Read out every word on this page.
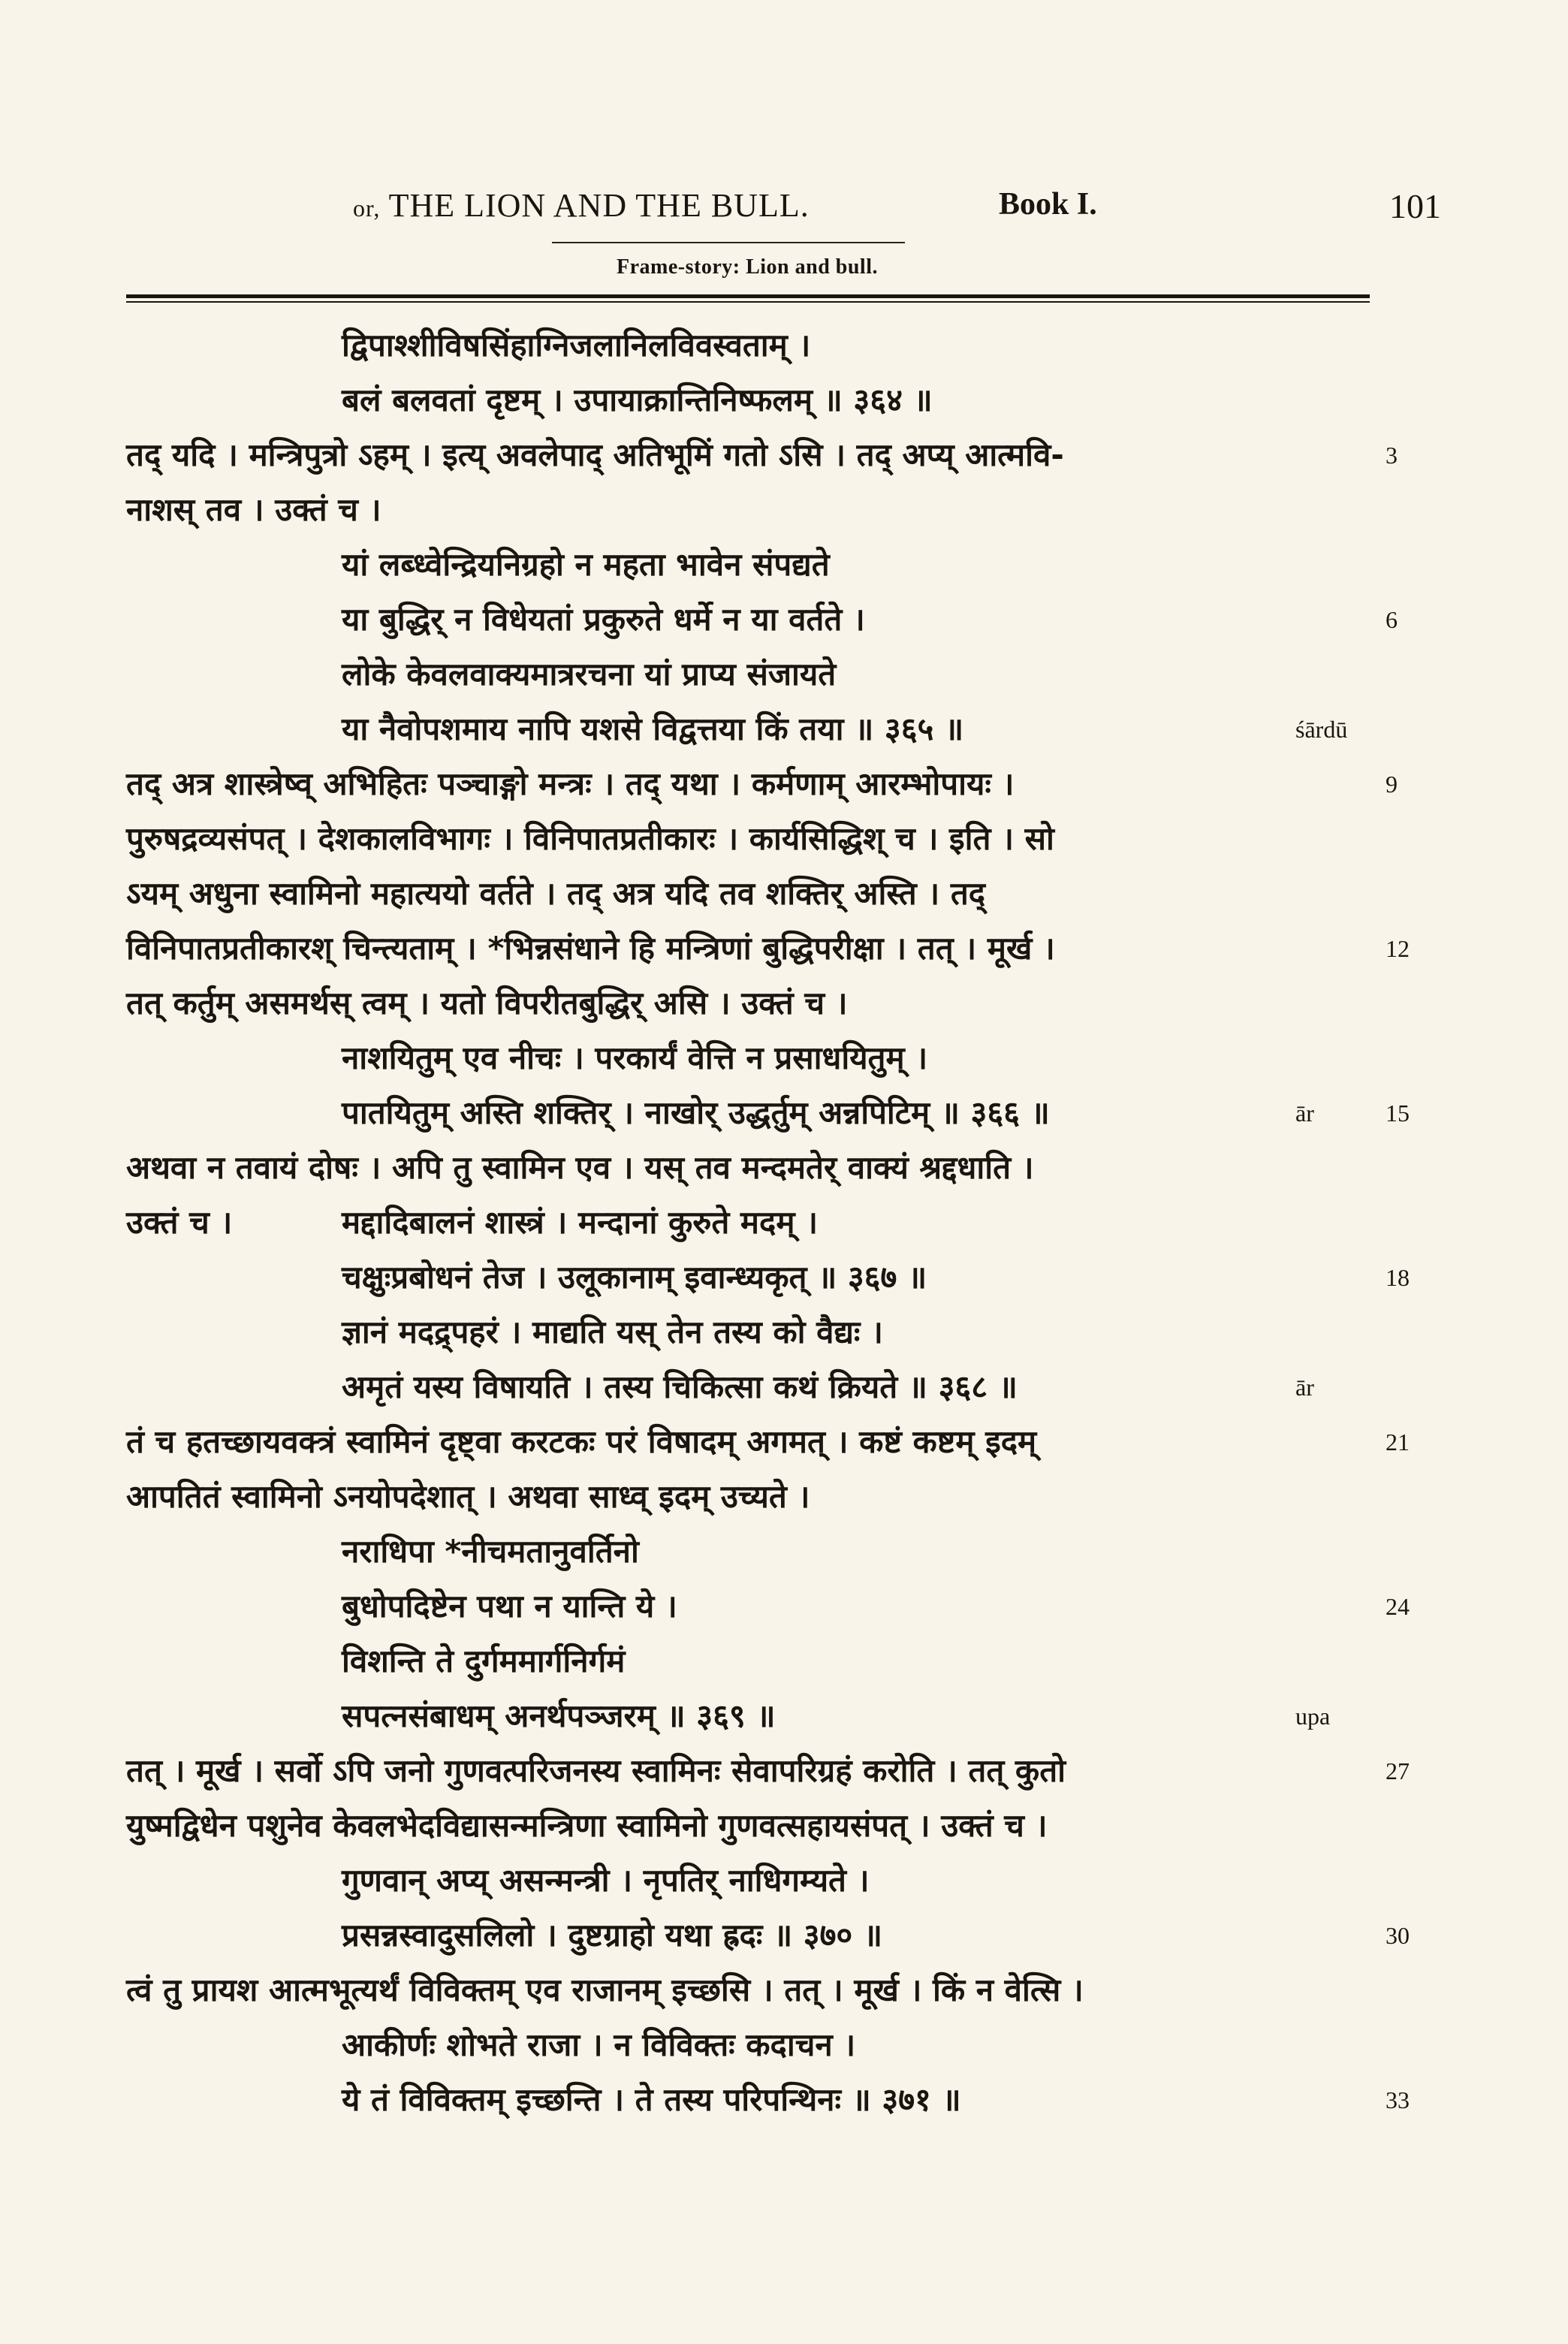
or, THE LION AND THE BULL.	Book I.	101
Frame-story: Lion and bull.
द्विपाश्शीविषसिंहाग्निजलानिलविवस्वताम् ।
बलं बलवतां दृष्टम् । उपायाक्रान्तिनिष्फलम् ॥ ३६४ ॥
तद् यदि । मन्त्रिपुत्रो ऽहम् । इत्य् अवलेपाद् अतिभूमिं गतो ऽसि । तद् अप्य् आत्मवि-	3
नाशस् तव । उक्तं च ।
यां लब्ध्वेन्द्रियनिग्रहो न महता भावेन संपद्यते
या बुद्धिर् न विधेयतां प्रकुरुते धर्मे न या वर्तते ।	6
लोके केवलवाक्यमात्ररचना यां प्राप्य संजायते
या नैवोपशमाय नापि यशसे विद्वत्तया किं तया ॥ ३६५ ॥	śārdū
तद् अत्र शास्त्रेष्व् अभिहितः पञ्चाङ्गो मन्त्रः । तद् यथा । कर्मणाम् आरम्भोपायः ।	9
पुरुषद्रव्यसंपत् । देशकालविभागः । विनिपातप्रतीकारः । कार्यसिद्धिश् च । इति । सो
ऽयम् अधुना स्वामिनो महात्ययो वर्तते । तद् अत्र यदि तव शक्तिर् अस्ति । तद्
विनिपातप्रतीकारश् चिन्त्यताम् । *भिन्नसंधाने हि मन्त्रिणां बुद्धिपरीक्षा । तत् । मूर्ख ।	12
तत् कर्तुम् असमर्थस् त्वम् । यतो विपरीतबुद्धिर् असि । उक्तं च ।
नाशयितुम् एव नीचः । परकार्यं वेत्ति न प्रसाधयितुम् ।
पातयितुम् अस्ति शक्तिर् । नाखोर् उद्धर्तुम् अन्नपिटिम् ॥ ३६६ ॥	ār	15
अथवा न तवायं दोषः । अपि तु स्वामिन एव । यस् तव मन्दमतेर् वाक्यं श्रद्दधाति ।
उक्तं च ।	मद्दादिबालनं शास्त्रं । मन्दानां कुरुते मदम् ।
चक्षुःप्रबोधनं तेज । उलूकानाम् इवान्ध्यकृत् ॥ ३६७ ॥	18
ज्ञानं मदद्र्पहरं । माद्यति यस् तेन तस्य को वैद्यः ।
अमृतं यस्य विषायति । तस्य चिकित्सा कथं क्रियते ॥ ३६८ ॥	ār
तं च हतच्छायवक्त्रं स्वामिनं दृष्ट्वा करटकः परं विषादम् अगमत् । कष्टं कष्टम् इदम्	21
आपतितं स्वामिनो ऽनयोपदेशात् । अथवा साध्व् इदम् उच्यते ।
नराधिपा *नीचमतानुवर्तिनो
बुधोपदिष्टेन पथा न यान्ति ये ।	24
विशन्ति ते दुर्गममार्गनिर्गमं
सपत्नसंबाधम् अनर्थपञ्जरम् ॥ ३६९ ॥	upa
तत् । मूर्ख । सर्वो ऽपि जनो गुणवत्परिजनस्य स्वामिनः सेवापरिग्रहं करोति । तत् कुतो	27
युष्मद्विधेन पशुनेव केवलभेदविद्यासन्मन्त्रिणा स्वामिनो गुणवत्सहायसंपत् । उक्तं च ।
गुणवान् अप्य् असन्मन्त्री । नृपतिर् नाधिगम्यते ।
प्रसन्नस्वादुसलिलो । दुष्टग्राहो यथा ह्रदः ॥ ३७० ॥	30
त्वं तु प्रायश आत्मभूत्यर्थं विविक्तम् एव राजानम् इच्छसि । तत् । मूर्ख । किं न वेत्सि ।
आकीर्णः शोभते राजा । न विविक्तः कदाचन ।
ये तं विविक्तम् इच्छन्ति । ते तस्य परिपन्थिनः ॥ ३७१ ॥	33
